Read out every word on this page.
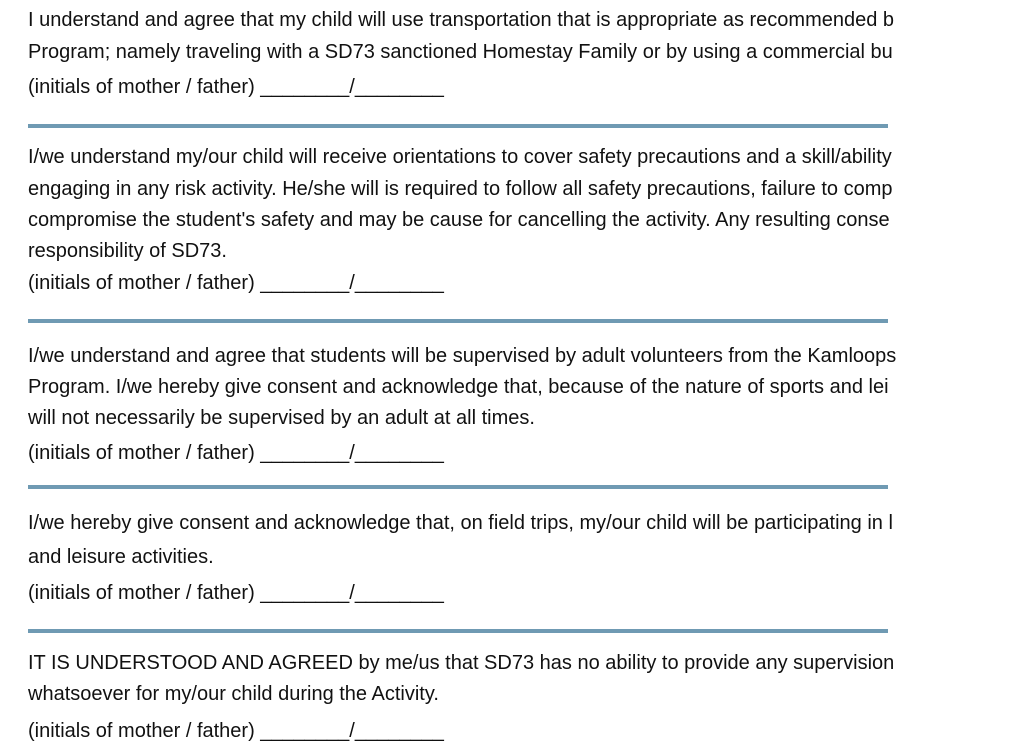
I understand and agree that my child will use transportation that is appropriate as recommended b
Program; namely traveling with a SD73 sanctioned Homestay Family or by using a commercial bu
(initials of mother / father) ________/________
I/we understand my/our child will receive orientations to cover safety precautions and a skill/ability
engaging in any risk activity. He/she will is required to follow all safety precautions, failure to comp
compromise the student's safety and may be cause for cancelling the activity. Any resulting conse
responsibility of SD73.
(initials of mother / father) ________/________
I/we understand and agree that students will be supervised by adult volunteers from the Kamloops
Program. I/we hereby give consent and acknowledge that, because of the nature of sports and lei
will not necessarily be supervised by an adult at all times.
(initials of mother / father) ________/________
I/we hereby give consent and acknowledge that, on field trips, my/our child will be participating in l
and leisure activities.
(initials of mother / father) ________/________
IT IS UNDERSTOOD AND AGREED by me/us that SD73 has no ability to provide any supervision
whatsoever for my/our child during the Activity.
(initials of mother / father) ________/________
